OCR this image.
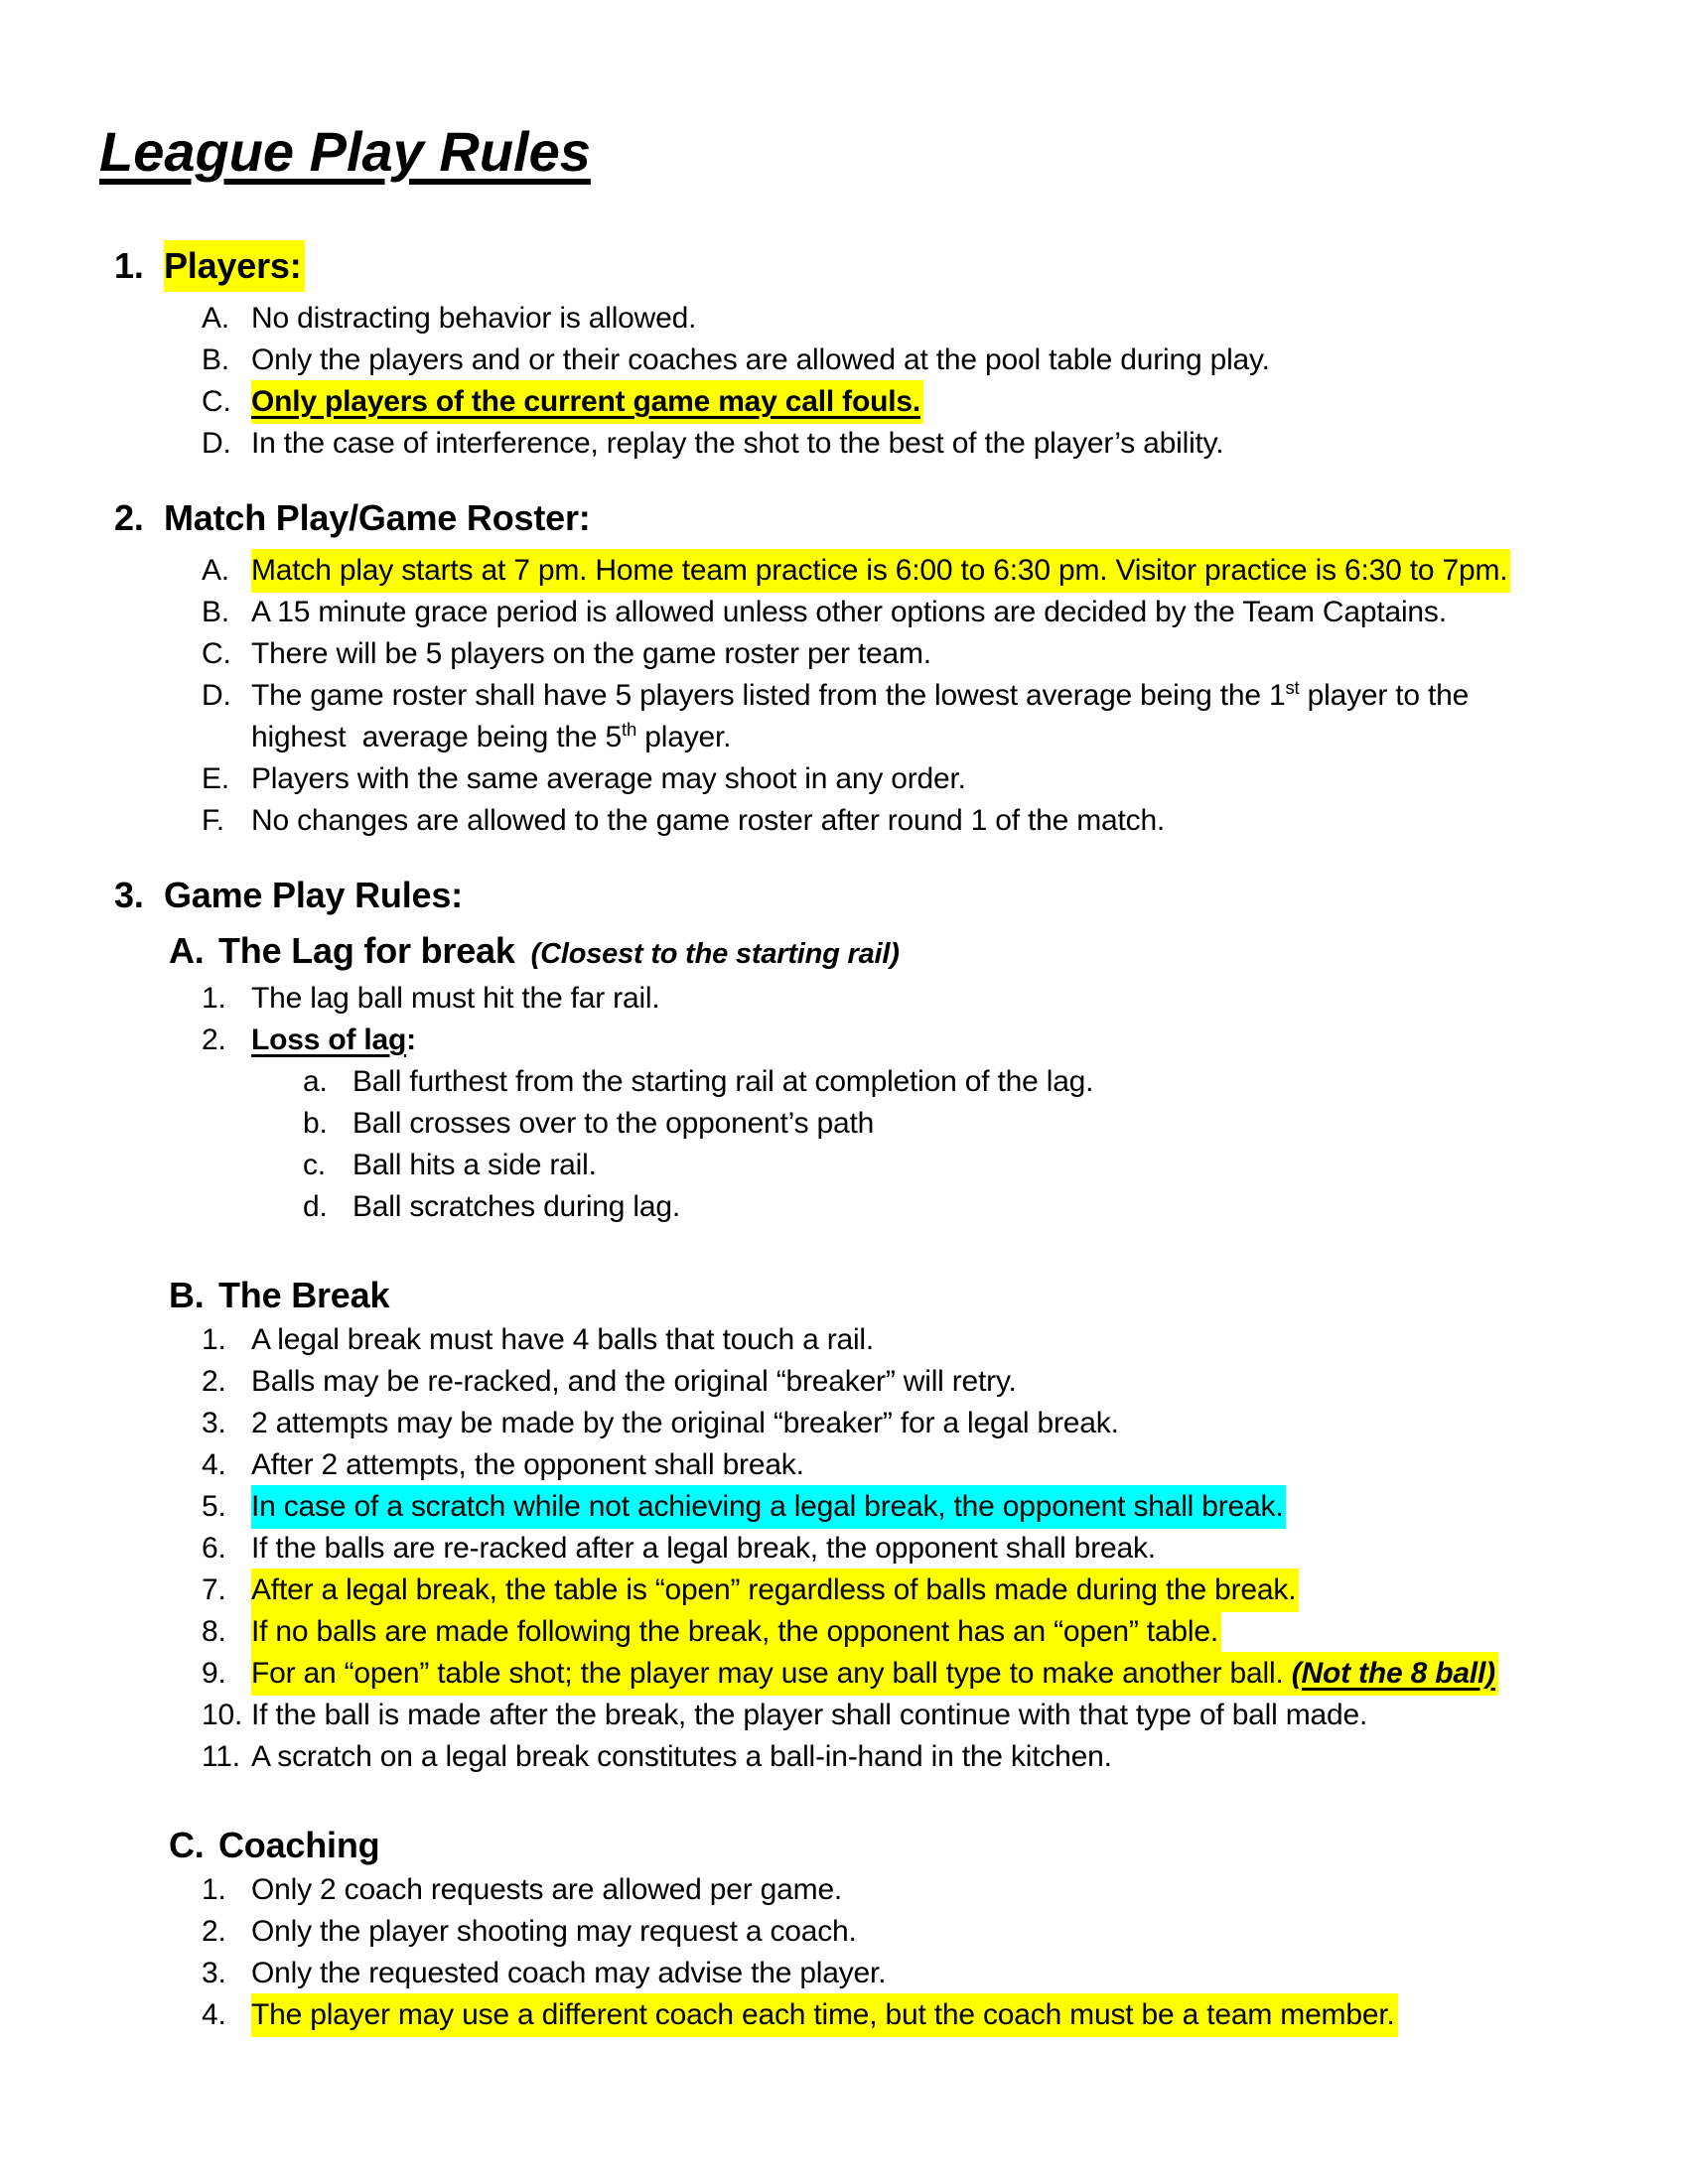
League Play Rules
1. Players:
A. No distracting behavior is allowed.
B. Only the players and or their coaches are allowed at the pool table during play.
C. Only players of the current game may call fouls.
D. In the case of interference, replay the shot to the best of the player’s ability.
2. Match Play/Game Roster:
A. Match play starts at 7 pm. Home team practice is 6:00 to 6:30 pm. Visitor practice is 6:30 to 7pm.
B. A 15 minute grace period is allowed unless other options are decided by the Team Captains.
C. There will be 5 players on the game roster per team.
D. The game roster shall have 5 players listed from the lowest average being the 1st player to the
highest  average being the 5th player.
E. Players with the same average may shoot in any order.
F. No changes are allowed to the game roster after round 1 of the match.
3. Game Play Rules:
A. The Lag for break (Closest to the starting rail)
1. The lag ball must hit the far rail.
2. Loss of lag:
a. Ball furthest from the starting rail at completion of the lag.
b. Ball crosses over to the opponent’s path
c. Ball hits a side rail.
d. Ball scratches during lag.
B. The Break
1. A legal break must have 4 balls that touch a rail.
2. Balls may be re-racked, and the original “breaker” will retry.
3. 2 attempts may be made by the original “breaker” for a legal break.
4. After 2 attempts, the opponent shall break.
5. In case of a scratch while not achieving a legal break, the opponent shall break.
6. If the balls are re-racked after a legal break, the opponent shall break.
7. After a legal break, the table is “open” regardless of balls made during the break.
8. If no balls are made following the break, the opponent has an “open” table.
9. For an “open” table shot; the player may use any ball type to make another ball. (Not the 8 ball)
10. If the ball is made after the break, the player shall continue with that type of ball made.
11. A scratch on a legal break constitutes a ball-in-hand in the kitchen.
C. Coaching
1. Only 2 coach requests are allowed per game.
2. Only the player shooting may request a coach.
3. Only the requested coach may advise the player.
4. The player may use a different coach each time, but the coach must be a team member.
